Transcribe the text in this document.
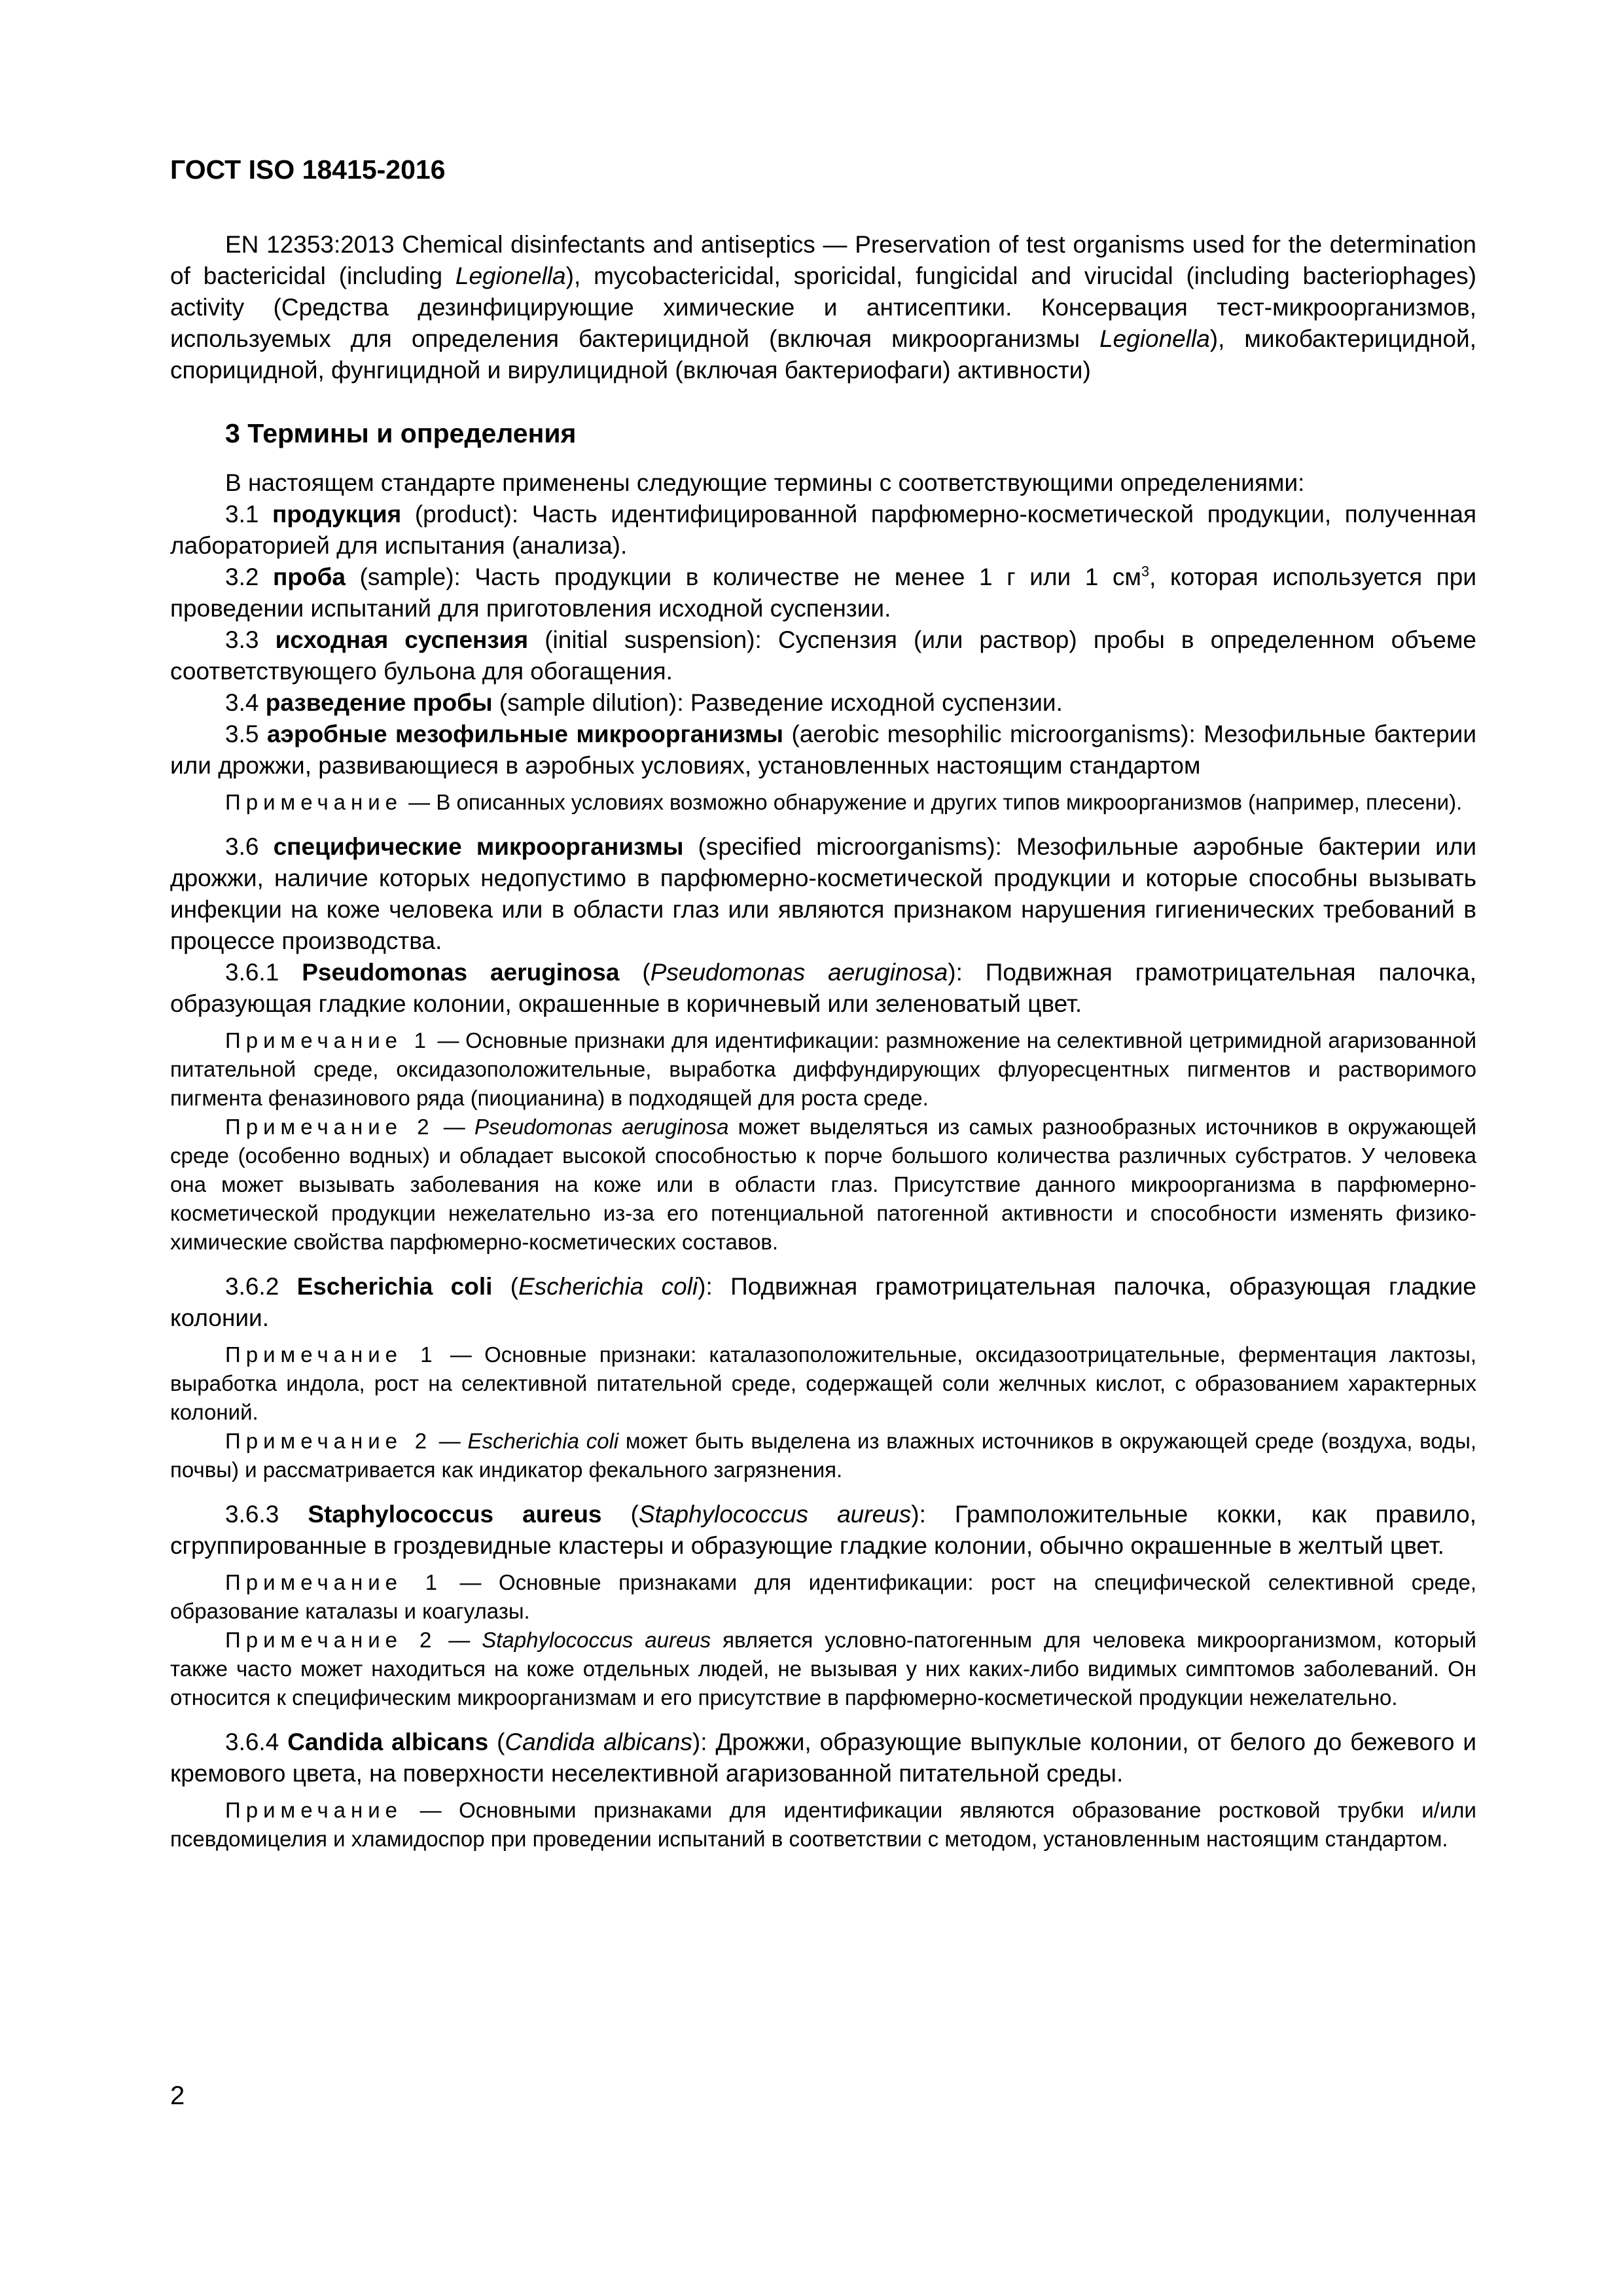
ГОСТ ISO 18415-2016

EN 12353:2013 Chemical disinfectants and antiseptics — Preservation of test organisms used for the determination of bactericidal (including Legionella), mycobactericidal, sporicidal, fungicidal and virucidal (including bacteriophages) activity (Средства дезинфицирующие химические и антисептики. Консервация тест-микроорганизмов, используемых для определения бактерицидной (включая микроорганизмы Legionella), микобактерицидной, спорицидной, фунгицидной и вирулицидной (включая бактериофаги) активности)

3 Термины и определения

В настоящем стандарте применены следующие термины с соответствующими определениями:

3.1 продукция (product): Часть идентифицированной парфюмерно-косметической продукции, полученная лабораторией для испытания (анализа).

3.2 проба (sample): Часть продукции в количестве не менее 1 г или 1 $см^3$, которая используется при проведении испытаний для приготовления исходной суспензии.

3.3 исходная суспензия (initial suspension): Суспензия (или раствор) пробы в определенном объеме соответствующего бульона для обогащения.

3.4 разведение пробы (sample dilution): Разведение исходной суспензии.

3.5 аэробные мезофильные микроорганизмы (aerobic mesophilic microorganisms): Мезофильные бактерии или дрожжи, развивающиеся в аэробных условиях, установленных настоящим стандартом

Примечание — В описанных условиях возможно обнаружение и других типов микроорганизмов (например, плесени).

3.6 специфические микроорганизмы (specified microorganisms): Мезофильные аэробные бактерии или дрожжи, наличие которых недопустимо в парфюмерно-косметической продукции и которые способны вызывать инфекции на коже человека или в области глаз или являются признаком нарушения гигиенических требований в процессе производства.

3.6.1 Pseudomonas aeruginosa (Pseudomonas aeruginosa): Подвижная грамотрицательная палочка, образующая гладкие колонии, окрашенные в коричневый или зеленоватый цвет.

Примечание 1 — Основные признаки для идентификации: размножение на селективной цетримидной агаризованной питательной среде, оксидазоположительные, выработка диффундирующих флуоресцентных пигментов и растворимого пигмента феназинового ряда (пиоцианина) в подходящей для роста среде.

Примечание 2 — Pseudomonas aeruginosa может выделяться из самых разнообразных источников в окружающей среде (особенно водных) и обладает высокой способностью к порче большого количества различных субстратов. У человека она может вызывать заболевания на коже или в области глаз. Присутствие данного микроорганизма в парфюмерно-косметической продукции нежелательно из-за его потенциальной патогенной активности и способности изменять физико-химические свойства парфюмерно-косметических составов.

3.6.2 Escherichia coli (Escherichia coli): Подвижная грамотрицательная палочка, образующая гладкие колонии.

Примечание 1 — Основные признаки: каталазоположительные, оксидазоотрицательные, ферментация лактозы, выработка индола, рост на селективной питательной среде, содержащей соли желчных кислот, с образованием характерных колоний.

Примечание 2 — Escherichia coli может быть выделена из влажных источников в окружающей среде (воздуха, воды, почвы) и рассматривается как индикатор фекального загрязнения.

3.6.3 Staphylococcus aureus (Staphylococcus aureus): Грамположительные кокки, как правило, сгруппированные в гроздевидные кластеры и образующие гладкие колонии, обычно окрашенные в желтый цвет.

Примечание 1 — Основные признаками для идентификации: рост на специфической селективной среде, образование каталазы и коагулазы.

Примечание 2 — Staphylococcus aureus является условно-патогенным для человека микроорганизмом, который также часто может находиться на коже отдельных людей, не вызывая у них каких-либо видимых симптомов заболеваний. Он относится к специфическим микроорганизмам и его присутствие в парфюмерно-косметической продукции нежелательно.

3.6.4 Candida albicans (Candida albicans): Дрожжи, образующие выпуклые колонии, от белого до бежевого и кремового цвета, на поверхности неселективной агаризованной питательной среды.

Примечание — Основными признаками для идентификации являются образование ростковой трубки и/или псевдомицелия и хламидоспор при проведении испытаний в соответствии с методом, установленным настоящим стандартом.

2
